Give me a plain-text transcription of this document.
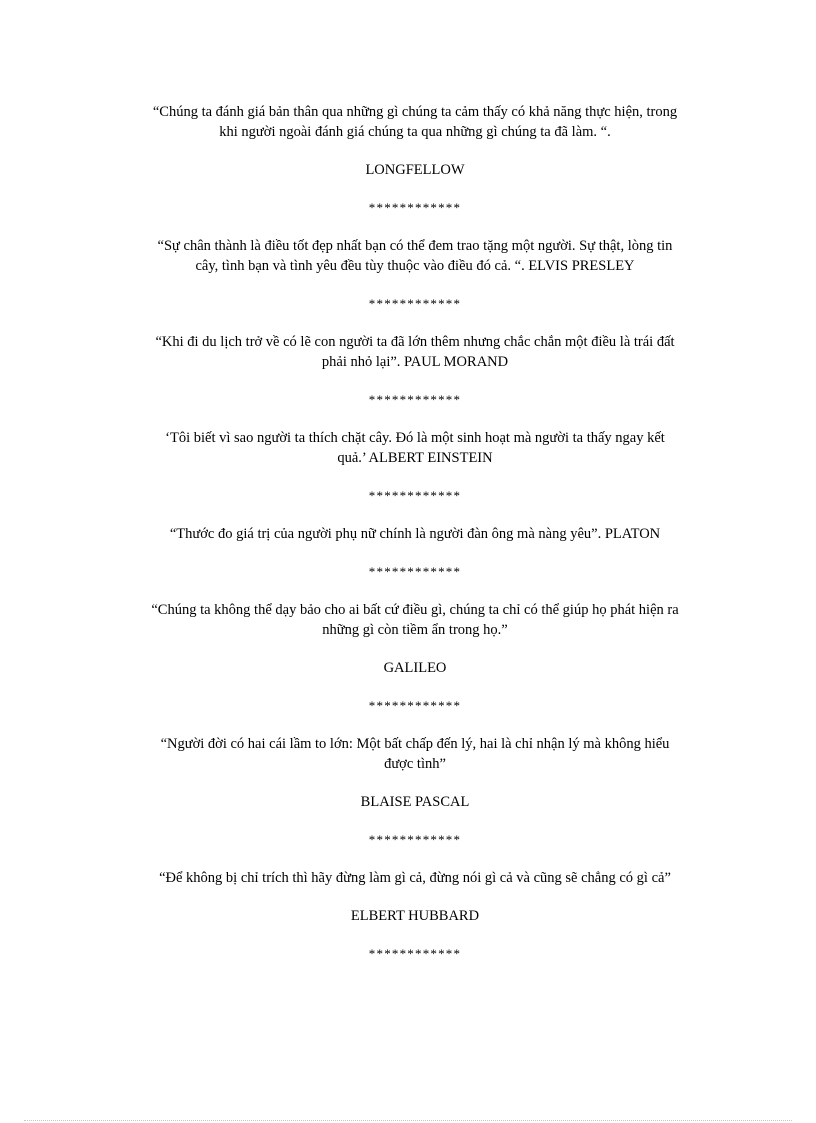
“Chúng ta đánh giá bản thân qua những gì chúng ta cảm thấy có khả năng thực hiện, trong
khi người ngoài đánh giá chúng ta qua những gì chúng ta đã làm. “.

LONGFELLOW

************

“Sự chân thành là điều tốt đẹp nhất bạn có thể đem trao tặng một người. Sự thật, lòng tin
cây, tình bạn và tình yêu đều tùy thuộc vào điều đó cả. “. ELVIS PRESLEY

************

“Khi đi du lịch trở về có lẽ con người ta đã lớn thêm nhưng chắc chắn một điều là trái đất
phải nhỏ lại”. PAUL MORAND

************

‘Tôi biết vì sao người ta thích chặt cây. Đó là một sinh hoạt mà người ta thấy ngay kết
quả.’ ALBERT EINSTEIN

************

“Thước đo giá trị của người phụ nữ chính là người đàn ông mà nàng yêu”. PLATON

************

“Chúng ta không thể dạy bảo cho ai bất cứ điều gì, chúng ta chỉ có thể giúp họ phát hiện ra
những gì còn tiềm ẩn trong họ.”

GALILEO

************

“Người đời có hai cái lầm to lớn: Một bất chấp đến lý, hai là chỉ nhận lý mà không hiểu
được tình”

BLAISE PASCAL

************

“Để không bị chỉ trích thì hãy đừng làm gì cả, đừng nói gì cả và cũng sẽ chẳng có gì cả”

ELBERT HUBBARD

************
